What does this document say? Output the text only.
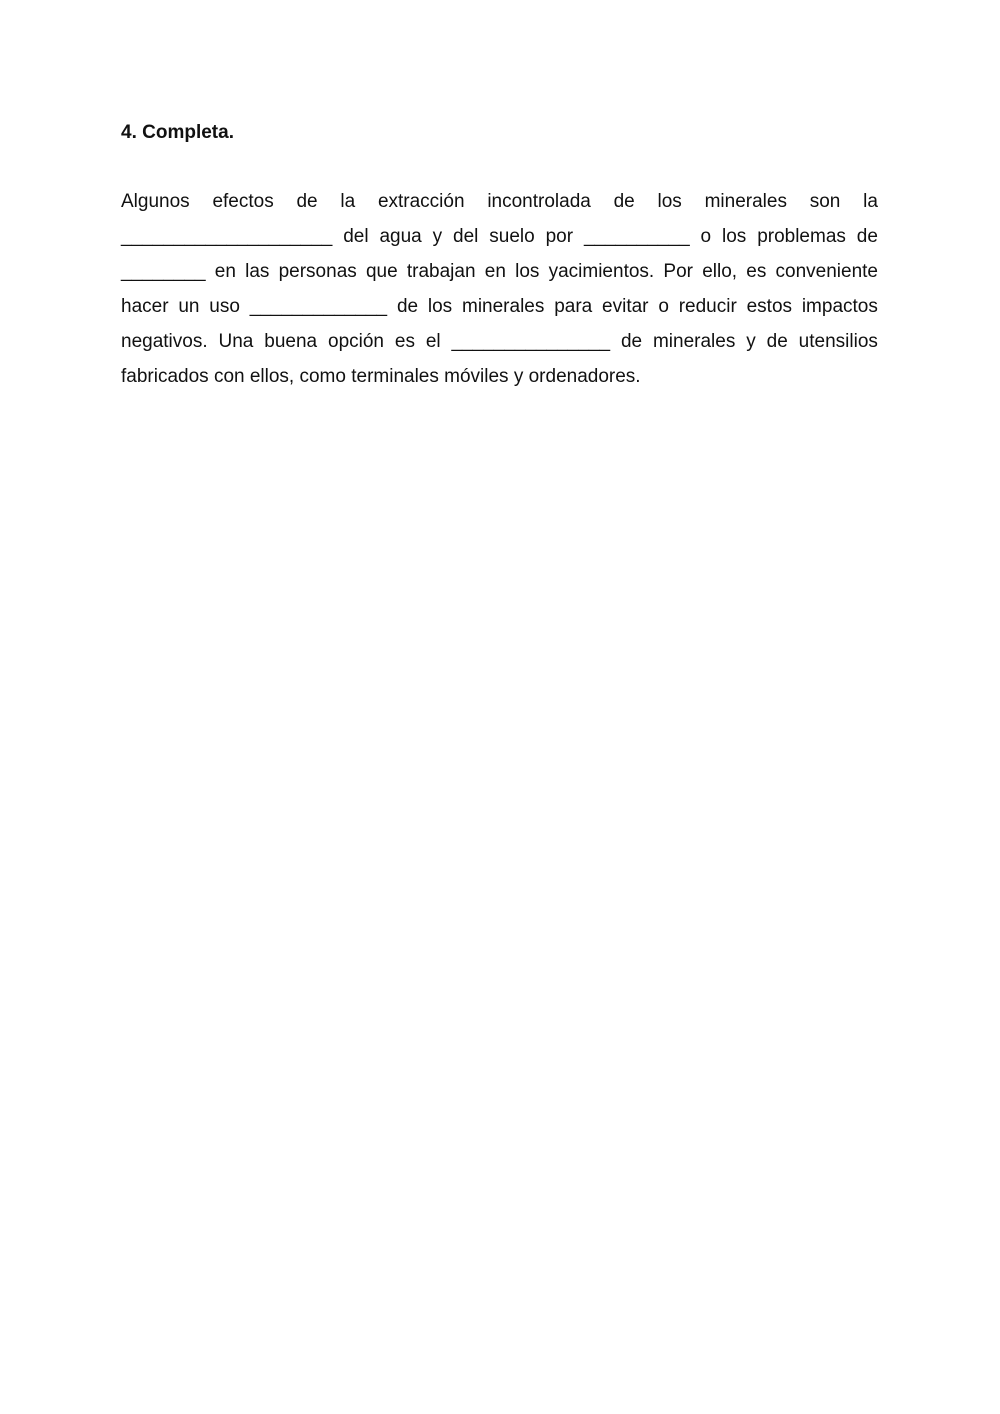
4. Completa.
Algunos efectos de la extracción incontrolada de los minerales son la
____________________ del agua y del suelo por __________ o los problemas de
________ en las personas que trabajan en los yacimientos. Por ello, es conveniente
hacer un uso _____________ de los minerales para evitar o reducir estos impactos
negativos. Una buena opción es el _______________ de minerales y de utensilios
fabricados con ellos, como terminales móviles y ordenadores.
